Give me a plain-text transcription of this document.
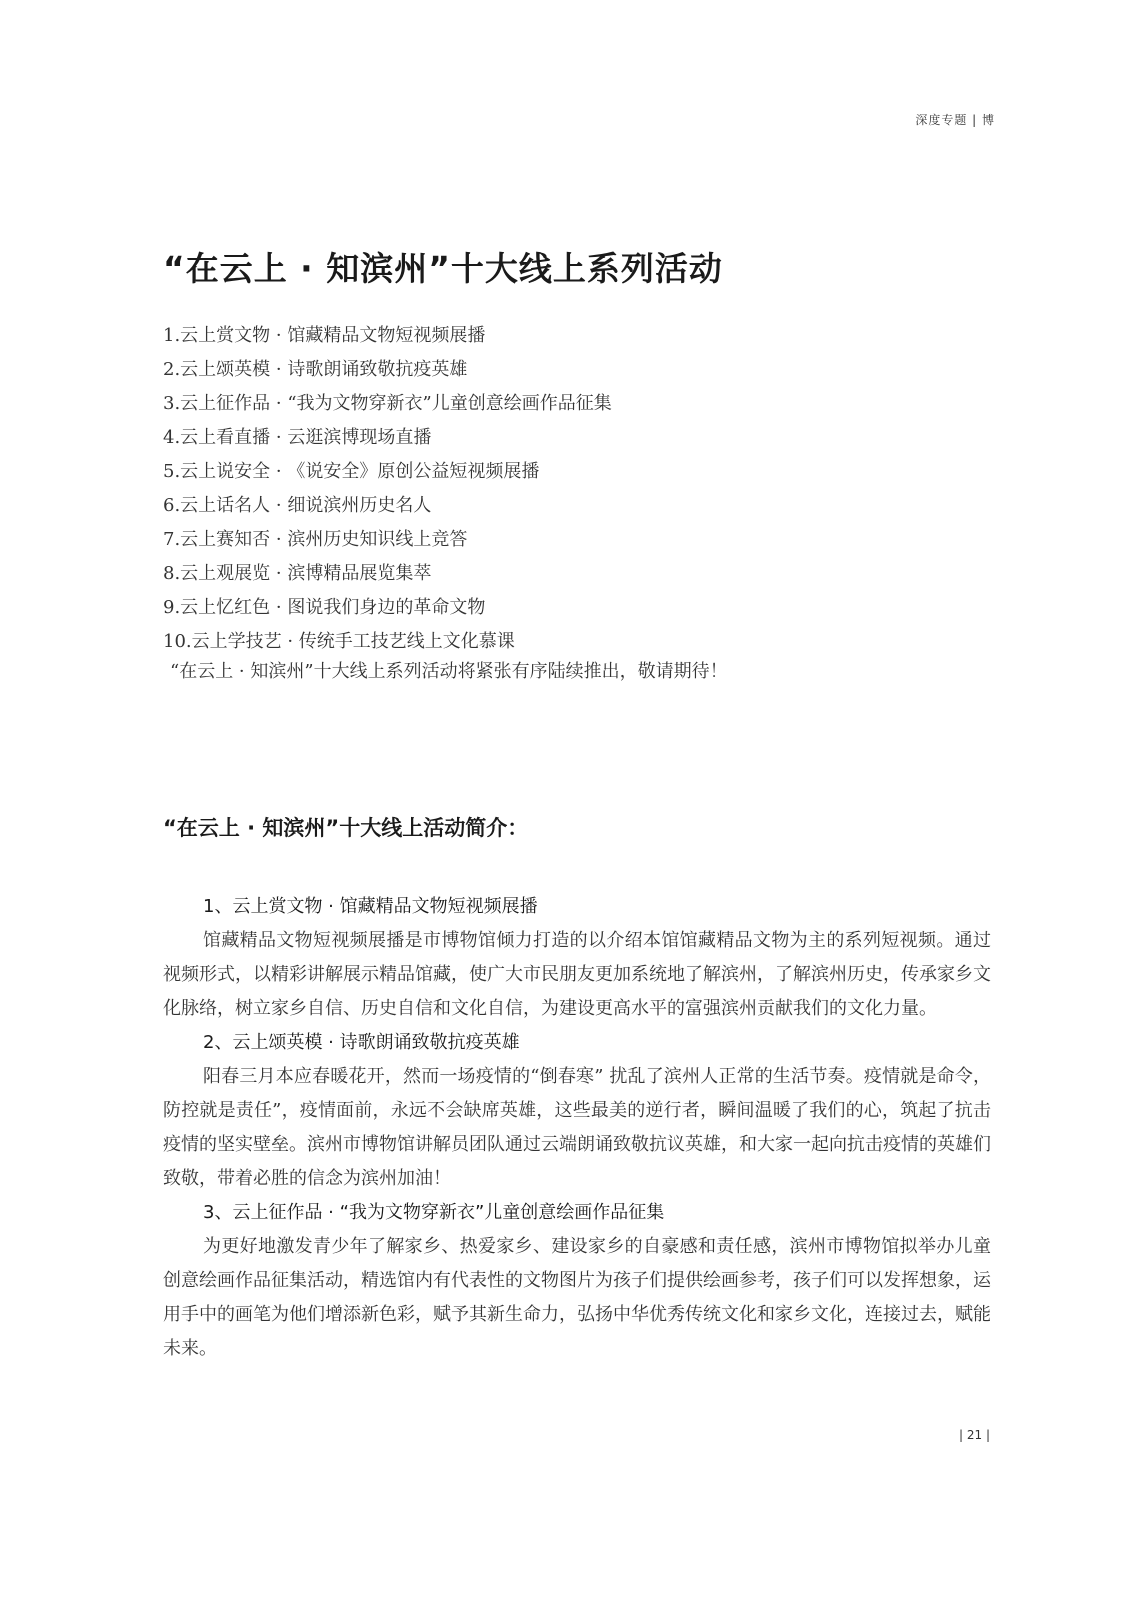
深度专题 | 博
“在云上 · 知滨州”十大线上系列活动
1.云上赏文物 · 馆藏精品文物短视频展播
2.云上颂英模 · 诗歌朗诵致敬抗疫英雄
3.云上征作品 · “我为文物穿新衣”儿童创意绘画作品征集
4.云上看直播 · 云逛滨博现场直播
5.云上说安全 · 《说安全》原创公益短视频展播
6.云上话名人 · 细说滨州历史名人
7.云上赛知否 · 滨州历史知识线上竞答
8.云上观展览 · 滨博精品展览集萃
9.云上忆红色 · 图说我们身边的革命文物
10.云上学技艺 · 传统手工技艺线上文化慕课
“在云上 · 知滨州”十大线上系列活动将紧张有序陆续推出，敬请期待！
“在云上 · 知滨州”十大线上活动简介：
1、云上赏文物 · 馆藏精品文物短视频展播

馆藏精品文物短视频展播是市博物馆倾力打造的以介绍本馆馆藏精品文物为主的系列短视频。通过视频形式，以精彩讲解展示精品馆藏，使广大市民朋友更加系统地了解滨州，了解滨州历史，传承家乡文化脉络，树立家乡自信、历史自信和文化自信，为建设更高水平的富强滨州贡献我们的文化力量。

2、云上颂英模 · 诗歌朗诵致敬抗疫英雄

阳春三月本应春暖花开，然而一场疫情的“倒春寒” 扰乱了滨州人正常的生活节奏。疫情就是命令，防控就是责任”，疫情面前，永远不会缺席英雄，这些最美的逆行者，瞬间温暖了我们的心，筑起了抗击疫情的坚实壁垒。滨州市博物馆讲解员团队通过云端朗诵致敬抗议英雄，和大家一起向抗击疫情的英雄们致敬，带着必胜的信念为滨州加油！

3、云上征作品 · “我为文物穿新衣”儿童创意绘画作品征集

为更好地激发青少年了解家乡、热爱家乡、建设家乡的自豪感和责任感，滨州市博物馆拟举办儿童创意绘画作品征集活动，精选馆内有代表性的文物图片为孩子们提供绘画参考，孩子们可以发挥想象，运用手中的画笔为他们增添新色彩，赋予其新生命力，弘扬中华优秀传统文化和家乡文化，连接过去，赋能未来。

| 21 |
